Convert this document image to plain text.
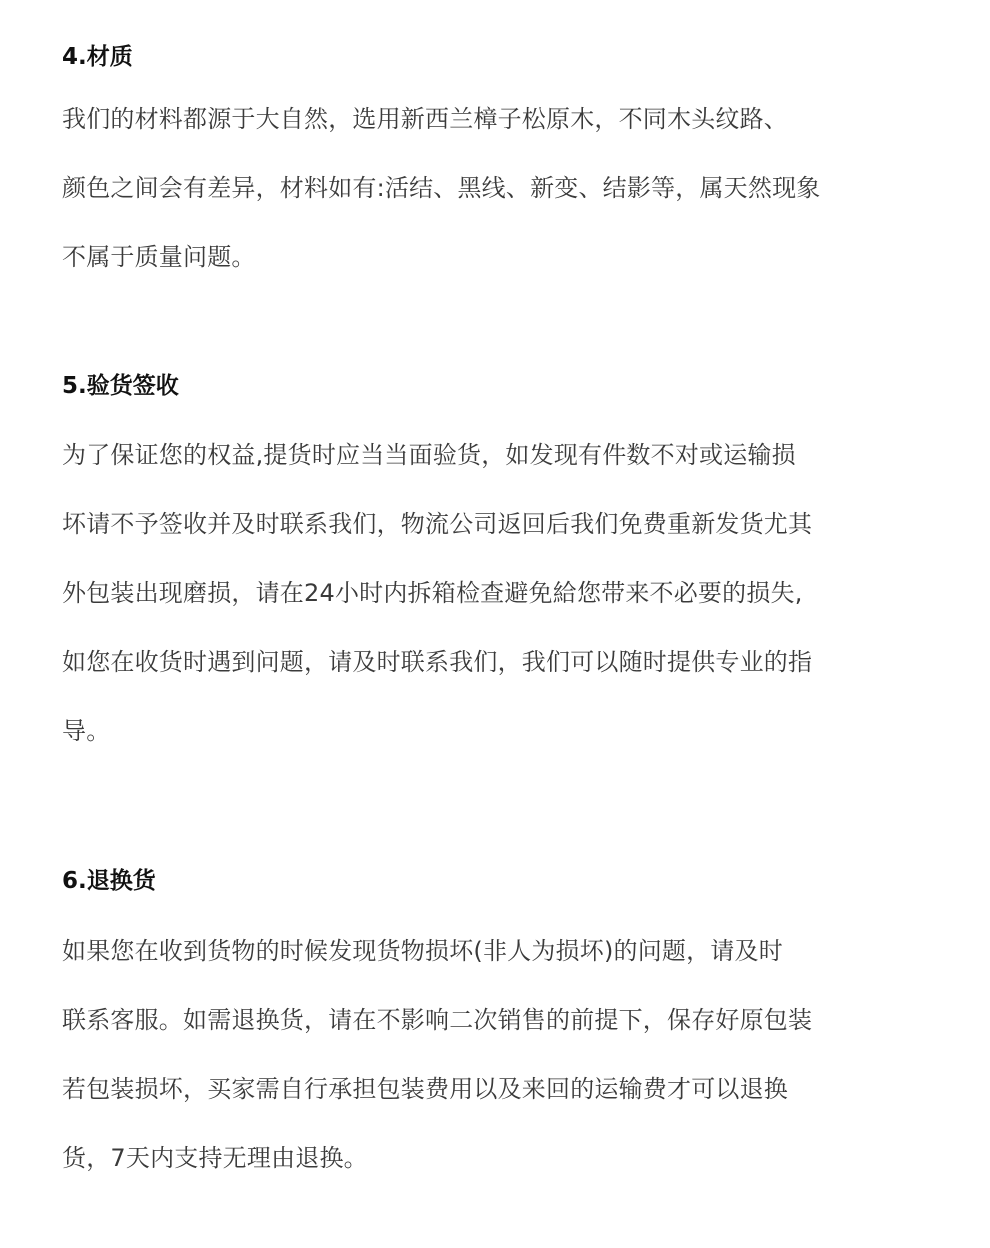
4.材质

我们的材料都源于大自然，选用新西兰樟子松原木，不同木头纹路、

颜色之间会有差异，材料如有:活结、黑线、新变、结影等，属天然现象

不属于质量问题。

5.验货签收

为了保证您的权益,提货时应当当面验货，如发现有件数不对或运输损

坏请不予签收并及时联系我们，物流公司返回后我们免费重新发货尤其

外包装出现磨损，请在24小时内拆箱检查避免給您带来不必要的损失,

如您在收货时遇到问题，请及时联系我们，我们可以随时提供专业的指

导。

6.退换货

如果您在收到货物的时候发现货物损坏(非人为损坏)的问题，请及时

联系客服。如需退换货，请在不影响二次销售的前提下，保存好原包装

若包装损坏，买家需自行承担包装费用以及来回的运输费才可以退换

货，7天内支持无理由退换。
